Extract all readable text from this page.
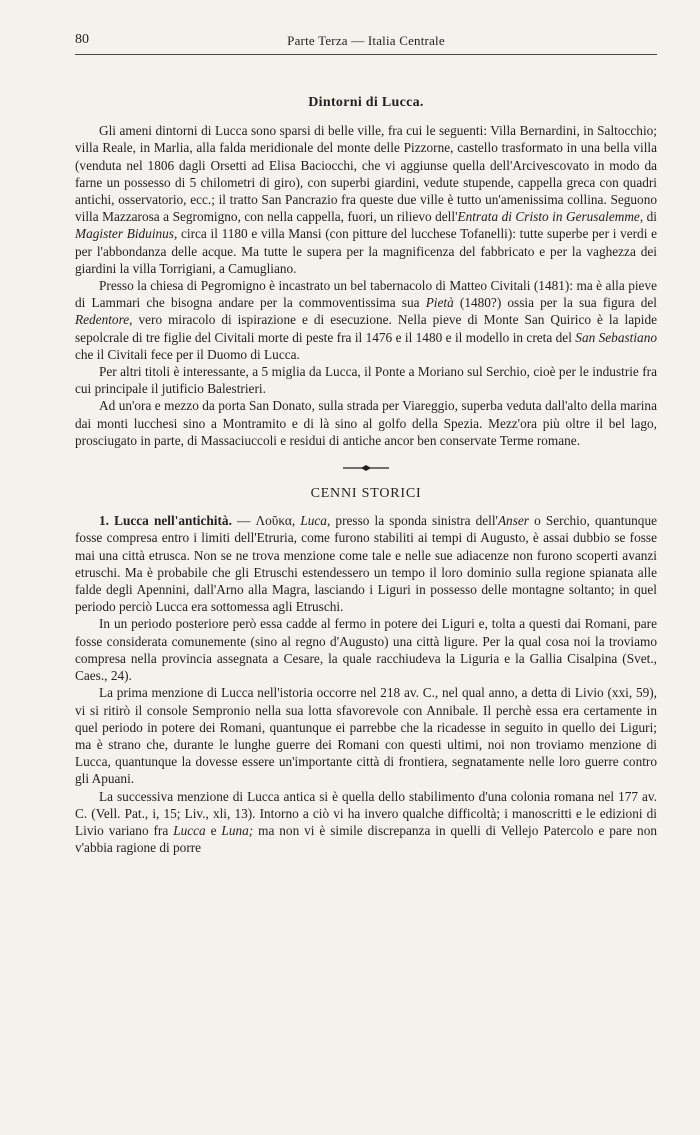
80	Parte Terza — Italia Centrale
Dintorni di Lucca.

Gli ameni dintorni di Lucca sono sparsi di belle ville, fra cui le seguenti: Villa Bernardini, in Saltocchio; villa Reale, in Marlia, alla falda meridionale del monte delle Pizzorne, castello trasformato in una bella villa (venduta nel 1806 dagli Orsetti ad Elisa Baciocchi, che vi aggiunse quella dell'Arcivescovato in modo da farne un possesso di 5 chilometri di giro), con superbi giardini, vedute stupende, cappella greca con quadri antichi, osservatorio, ecc.; il tratto San Pancrazio fra queste due ville è tutto un'amenissima collina. Seguono villa Mazzarosa a Segromigno, con nella cappella, fuori, un rilievo dell'Entrata di Cristo in Gerusalemme, di Magister Biduinus, circa il 1180 e villa Mansi (con pitture del lucchese Tofanelli): tutte superbe per i verdi e per l'abbondanza delle acque. Ma tutte le supera per la magnificenza del fabbricato e per la vaghezza dei giardini la villa Torrigiani, a Camugliano.

Presso la chiesa di Pegromigno è incastrato un bel tabernacolo di Matteo Civitali (1481): ma è alla pieve di Lammari che bisogna andare per la commoventissima sua Pietà (1480?) ossia per la sua figura del Redentore, vero miracolo di ispirazione e di esecuzione. Nella pieve di Monte San Quirico è la lapide sepolcrale di tre figlie del Civitali morte di peste fra il 1476 e il 1480 e il modello in creta del San Sebastiano che il Civitali fece per il Duomo di Lucca.

Per altri titoli è interessante, a 5 miglia da Lucca, il Ponte a Moriano sul Serchio, cioè per le industrie fra cui principale il jutificio Balestrieri.

Ad un'ora e mezzo da porta San Donato, sulla strada per Viareggio, superba veduta dall'alto della marina dai monti lucchesi sino a Montramito e di là sino al golfo della Spezia. Mezz'ora più oltre il bel lago, prosciugato in parte, di Massaciuccoli e residui di antiche ancor ben conservate Terme romane.

CENNI STORICI

1. Lucca nell'antichità. — Λοῦκα, Luca, presso la sponda sinistra dell'Anser o Serchio, quantunque fosse compresa entro i limiti dell'Etruria, come furono stabiliti ai tempi di Augusto, è assai dubbio se fosse mai una città etrusca. Non se ne trova menzione come tale e nelle sue adiacenze non furono scoperti avanzi etruschi. Ma è probabile che gli Etruschi estendessero un tempo il loro dominio sulla regione spianata alle falde degli Apennini, dall'Arno alla Magra, lasciando i Liguri in possesso delle montagne soltanto; in quel periodo perciò Lucca era sottomessa agli Etruschi.

In un periodo posteriore però essa cadde al fermo in potere dei Liguri e, tolta a questi dai Romani, pare fosse considerata comunemente (sino al regno d'Augusto) una città ligure. Per la qual cosa noi la troviamo compresa nella provincia assegnata a Cesare, la quale racchiudeva la Liguria e la Gallia Cisalpina (Svet., Caes., 24).

La prima menzione di Lucca nell'istoria occorre nel 218 av. C., nel qual anno, a detta di Livio (xxi, 59), vi si ritirò il console Sempronio nella sua lotta sfavorevole con Annibale. Il perchè essa era certamente in quel periodo in potere dei Romani, quantunque ei parrebbe che la ricadesse in seguito in quello dei Liguri; ma è strano che, durante le lunghe guerre dei Romani con questi ultimi, noi non troviamo menzione di Lucca, quantunque la dovesse essere un'importante città di frontiera, segnatamente nelle loro guerre contro gli Apuani.

La successiva menzione di Lucca antica si è quella dello stabilimento d'una colonia romana nel 177 av. C. (Vell. Pat., i, 15; Liv., xli, 13). Intorno a ciò vi ha invero qualche difficoltà; i manoscritti e le edizioni di Livio variano fra Lucca e Luna; ma non vi è simile discrepanza in quelli di Vellejo Patercolo e pare non v'abbia ragione di porre
